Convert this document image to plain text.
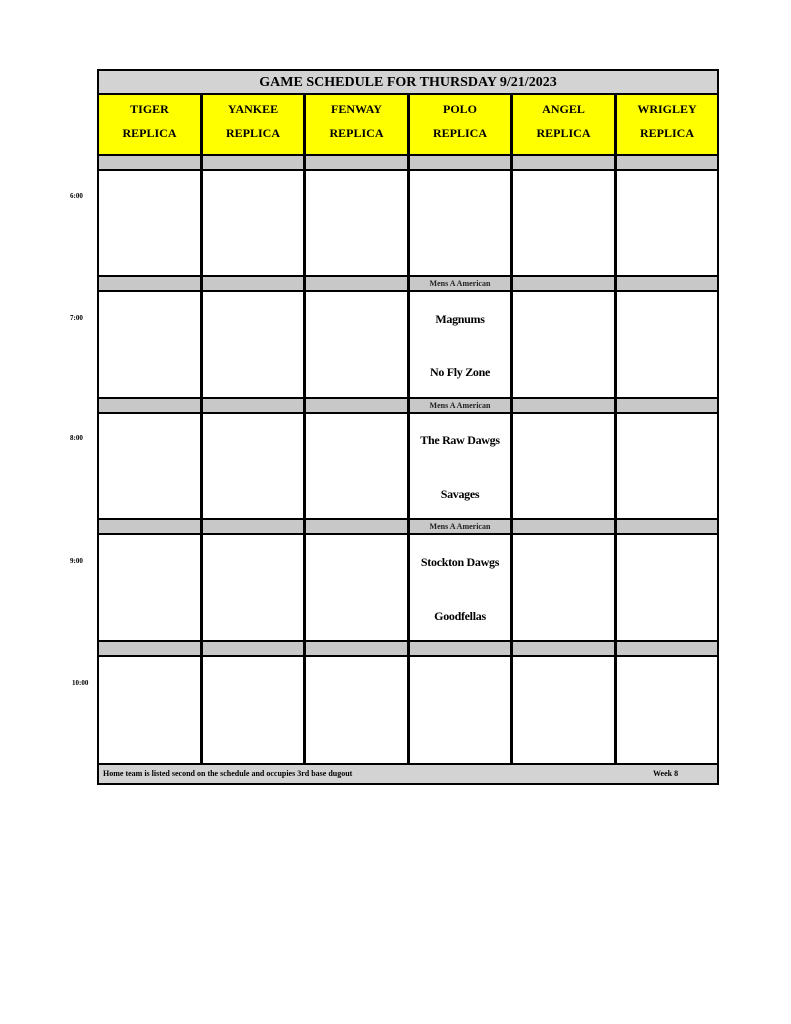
6:00
7:00
8:00
9:00
10:00
GAME SCHEDULE FOR THURSDAY 9/21/2023
TIGER
REPLICA
YANKEE
REPLICA
FENWAY
REPLICA
POLO
REPLICA
ANGEL
REPLICA
WRIGLEY
REPLICA
Mens A American
Mens A American
Mens A American
Magnums
No Fly Zone
The Raw Dawgs
Savages
Stockton Dawgs
Goodfellas
Home team is listed second on the schedule and occupies 3rd base dugout	Week 8
